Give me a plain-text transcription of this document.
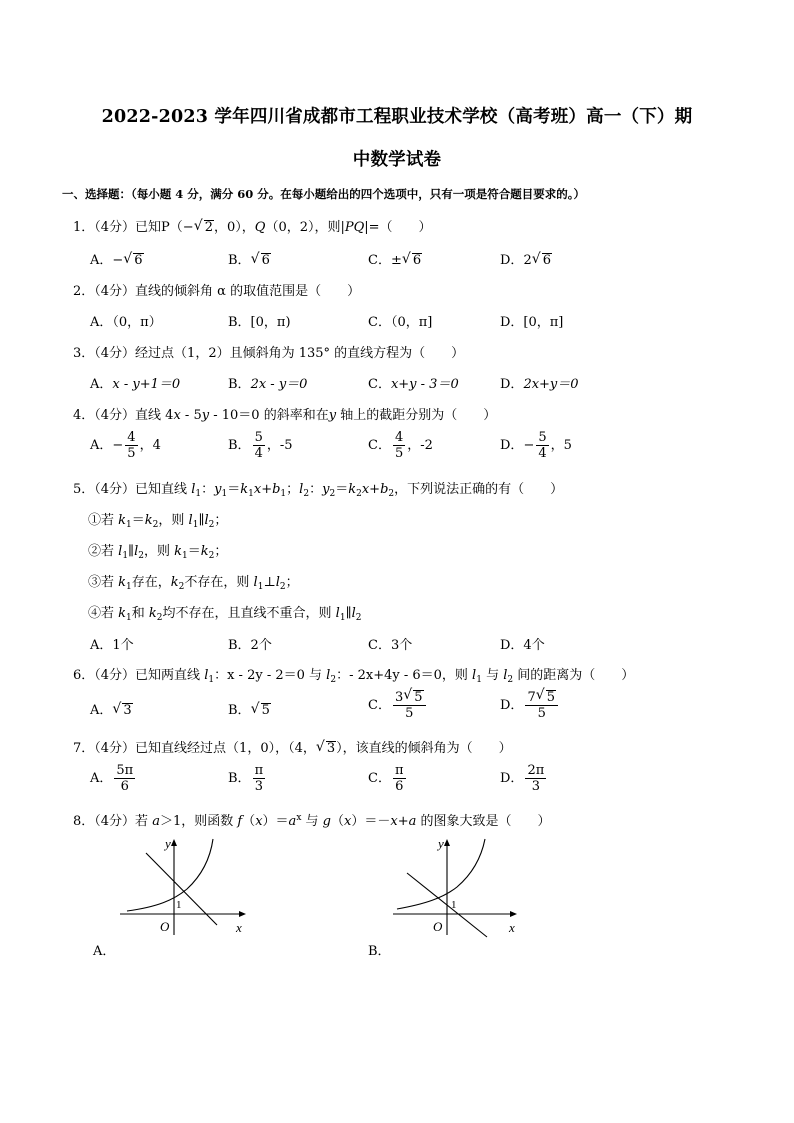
2022-2023 学年四川省成都市工程职业技术学校（高考班）高一（下）期
中数学试卷
一、选择题：（每小题 4 分，满分 60 分。在每小题给出的四个选项中，只有一项是符合题目要求的。）
1．（4分）已知P（− √ 2，0），Q（0，2），则|PQ|=（　　）
A．− √ 6	B． √ 6	C．± √ 6	D．2 √ 6
2．（4分）直线的倾斜角 α 的取值范围是（　　）
A．（0，π）	B．[0，π)	C．（0，π]	D．[0，π]
3．（4分）经过点（1，2）且倾斜角为 135° 的直线方程为（　　）
A．x - y+1＝0	B．2x - y＝0	C．x+y - 3＝0	D．2x+y＝0
4．（4分）直线 4x - 5y - 10＝0 的斜率和在y 轴上的截距分别为（　　）
A．− $\frac{4}{5}$ ，4	B． $\frac{5}{4}$ ，-5	C． $\frac{4}{5}$ ，-2	D．− $\frac{5}{4}$ ，5
5．（4分）已知直线 $l_1$：$y_1=k_1x+b_1$；$l_2$：$y_2=k_2x+b_2$，下列说法正确的有（　　）
①若 $k_1=k_2$，则 $l_1\parallel l_2$；
②若 $l_1\parallel l_2$，则 $k_1=k_2$；
③若 $k_1$存在，$k_2$不存在，则 $l_1\perp l_2$；
④若 $k_1$和 $k_2$均不存在，且直线不重合，则 $l_1\parallel l_2$
A．1个	B．2个	C．3个	D．4个
6．（4分）已知两直线 $l_1$：x - 2y - 2＝0 与 $l_2$：- 2x+4y - 6＝0，则 $l_1$ 与 $l_2$ 间的距离为（　　）
A． √ 3	B． √ 5	C． $\frac{3 √ 5}{5}$	D． $\frac{7 √ 5}{5}$
7．（4分）已知直线经过点（1，0），（4， √ 3），该直线的倾斜角为（　　）
A． $\frac{5\pi}{6}$	B． $\frac{\pi}{3}$	C． $\frac{\pi}{6}$	D． $\frac{2\pi}{3}$
8．（4分）若 a＞1，则函数 $f(x)=a^x$ 与 g（x）＝－x+a 的图象大致是（　　）
y
x
O
1
A．
y
x
O
1
B．
